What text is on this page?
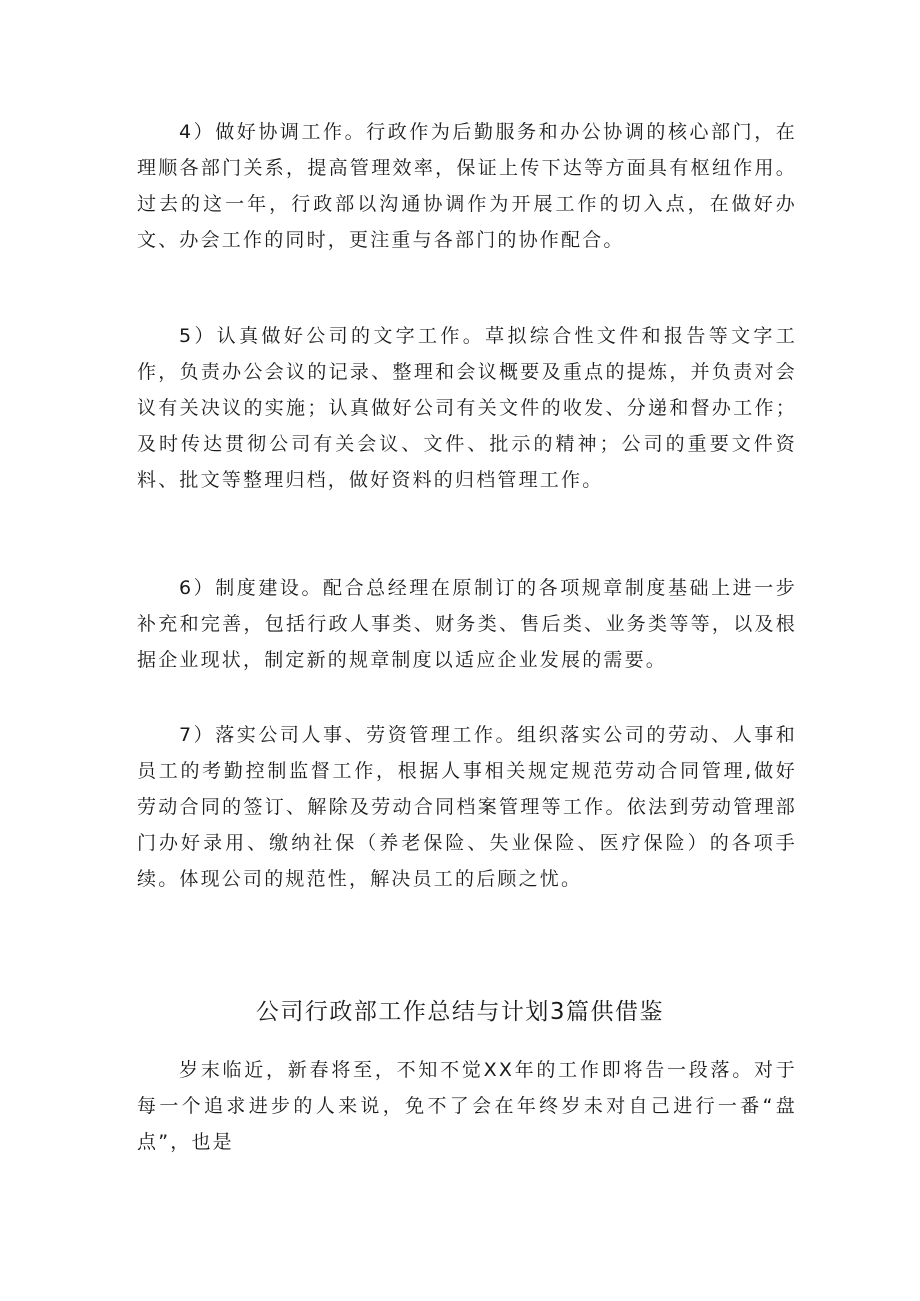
4）做好协调工作。行政作为后勤服务和办公协调的核心部门，在理顺各部门关系，提高管理效率，保证上传下达等方面具有枢纽作用。过去的这一年，行政部以沟通协调作为开展工作的切入点，在做好办文、办会工作的同时，更注重与各部门的协作配合。

5）认真做好公司的文字工作。草拟综合性文件和报告等文字工作，负责办公会议的记录、整理和会议概要及重点的提炼，并负责对会议有关决议的实施；认真做好公司有关文件的收发、分递和督办工作；及时传达贯彻公司有关会议、文件、批示的精神；公司的重要文件资料、批文等整理归档，做好资料的归档管理工作。

6）制度建设。配合总经理在原制订的各项规章制度基础上进一步补充和完善，包括行政人事类、财务类、售后类、业务类等等，以及根据企业现状，制定新的规章制度以适应企业发展的需要。

7）落实公司人事、劳资管理工作。组织落实公司的劳动、人事和员工的考勤控制监督工作，根据人事相关规定规范劳动合同管理,做好劳动合同的签订、解除及劳动合同档案管理等工作。依法到劳动管理部门办好录用、缴纳社保（养老保险、失业保险、医疗保险）的各项手续。体现公司的规范性，解决员工的后顾之忧。

公司行政部工作总结与计划3篇供借鉴

岁末临近，新春将至，不知不觉XX年的工作即将告一段落。对于每一个追求进步的人来说，免不了会在年终岁未对自己进行一番“盘点”，也是
